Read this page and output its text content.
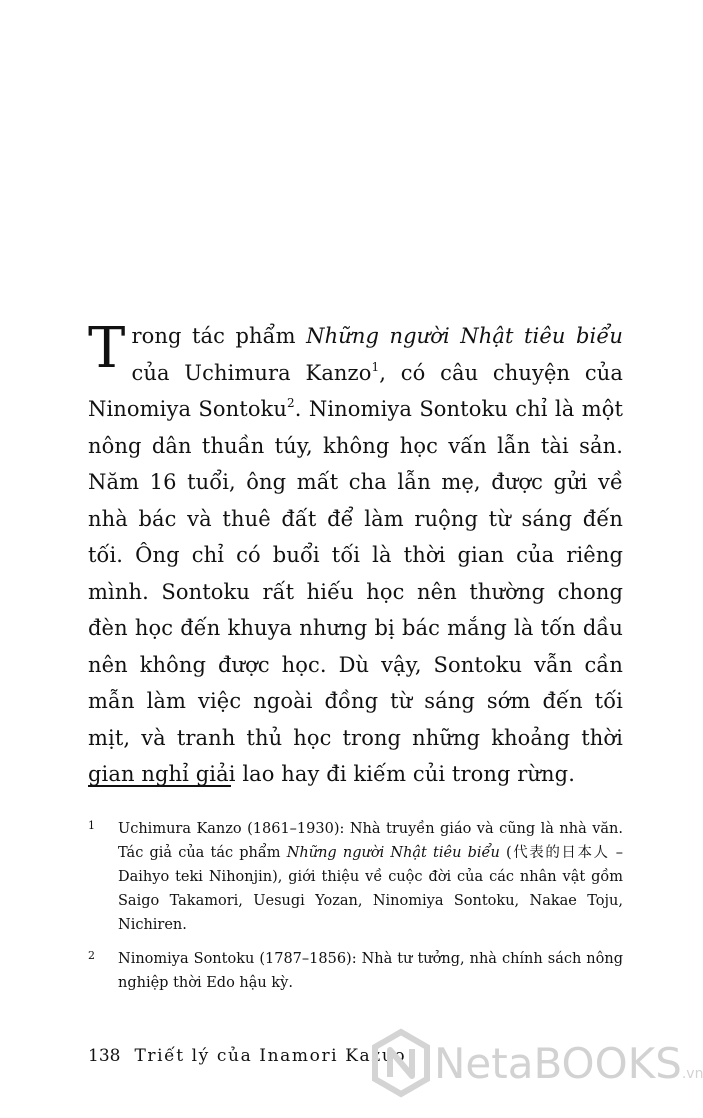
Trong tác phẩm Những người Nhật tiêu biểu của Uchimura Kanzo$^1$, có câu chuyện của Ninomiya Sontoku$^2$. Ninomiya Sontoku chỉ là một nông dân thuần túy, không học vấn lẫn tài sản. Năm 16 tuổi, ông mất cha lẫn mẹ, được gửi về nhà bác và thuê đất để làm ruộng từ sáng đến tối. Ông chỉ có buổi tối là thời gian của riêng mình. Sontoku rất hiếu học nên thường chong đèn học đến khuya nhưng bị bác mắng là tốn dầu nên không được học. Dù vậy, Sontoku vẫn cần mẫn làm việc ngoài đồng từ sáng sớm đến tối mịt, và tranh thủ học trong những khoảng thời gian nghỉ giải lao hay đi kiếm củi trong rừng.
1 Uchimura Kanzo (1861–1930): Nhà truyền giáo và cũng là nhà văn. Tác giả của tác phẩm Những người Nhật tiêu biểu (代表的日本人 – Daihyo teki Nihonjin), giới thiệu về cuộc đời của các nhân vật gồm Saigo Takamori, Uesugi Yozan, Ninomiya Sontoku, Nakae Toju, Nichiren.
2 Ninomiya Sontoku (1787–1856): Nhà tư tưởng, nhà chính sách nông nghiệp thời Edo hậu kỳ.
138 Triết lý của Inamori Kazuo NetaBOOKS.vn
